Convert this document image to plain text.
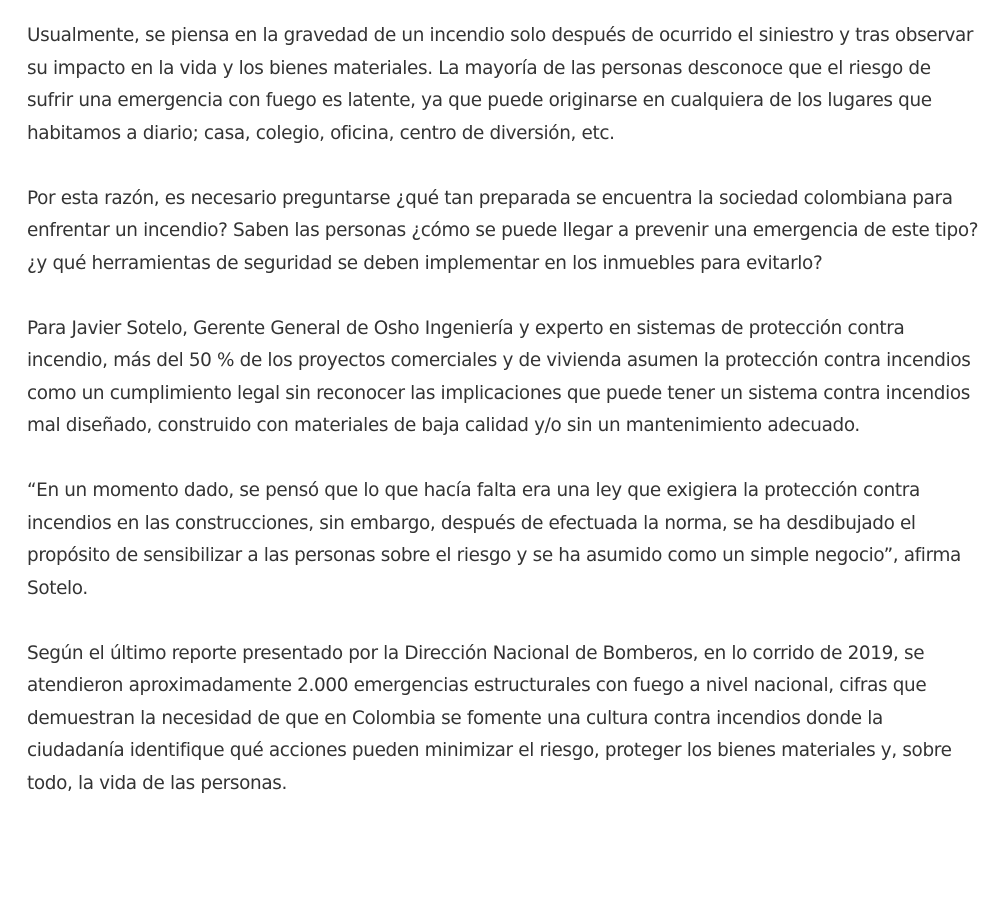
Usualmente, se piensa en la gravedad de un incendio solo después de ocurrido el siniestro y tras observar su impacto en la vida y los bienes materiales. La mayoría de las personas desconoce que el riesgo de sufrir una emergencia con fuego es latente, ya que puede originarse en cualquiera de los lugares que habitamos a diario; casa, colegio, oficina, centro de diversión, etc.

Por esta razón, es necesario preguntarse ¿qué tan preparada se encuentra la sociedad colombiana para enfrentar un incendio? Saben las personas ¿cómo se puede llegar a prevenir una emergencia de este tipo? ¿y qué herramientas de seguridad se deben implementar en los inmuebles para evitarlo?

Para Javier Sotelo, Gerente General de Osho Ingeniería y experto en sistemas de protección contra incendio, más del 50 % de los proyectos comerciales y de vivienda asumen la protección contra incendios como un cumplimiento legal sin reconocer las implicaciones que puede tener un sistema contra incendios mal diseñado, construido con materiales de baja calidad y/o sin un mantenimiento adecuado.

“En un momento dado, se pensó que lo que hacía falta era una ley que exigiera la protección contra incendios en las construcciones, sin embargo, después de efectuada la norma, se ha desdibujado el propósito de sensibilizar a las personas sobre el riesgo y se ha asumido como un simple negocio”, afirma Sotelo.

Según el último reporte presentado por la Dirección Nacional de Bomberos, en lo corrido de 2019, se atendieron aproximadamente 2.000 emergencias estructurales con fuego a nivel nacional, cifras que demuestran la necesidad de que en Colombia se fomente una cultura contra incendios donde la ciudadanía identifique qué acciones pueden minimizar el riesgo, proteger los bienes materiales y, sobre todo, la vida de las personas.
